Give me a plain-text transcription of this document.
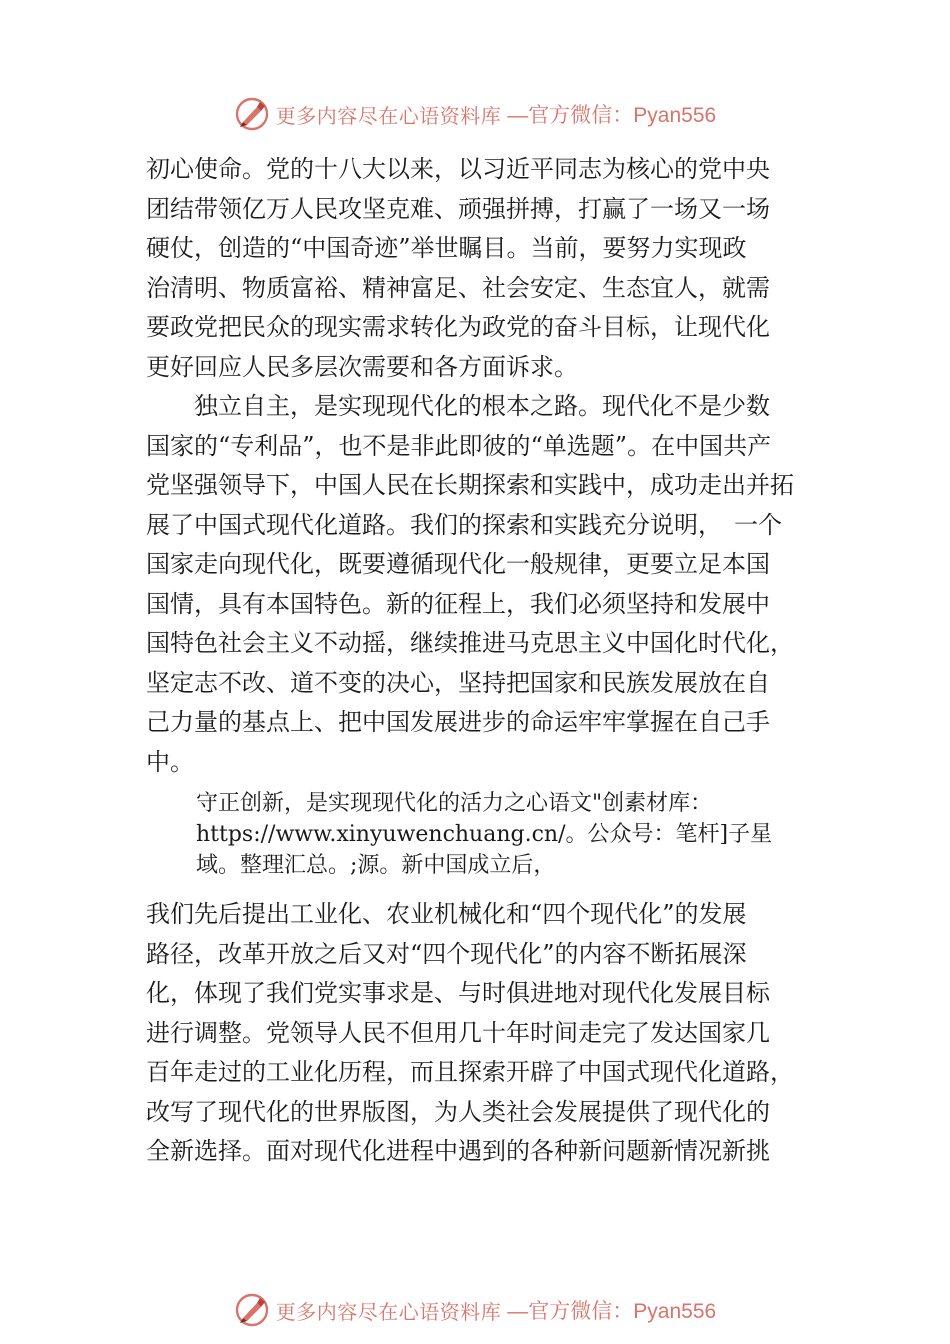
更多内容尽在心语资料库 —官方微信：Pyan556
初心使命。党的十八大以来，以习近平同志为核心的党中央
团结带领亿万人民攻坚克难、顽强拼搏，打赢了一场又一场
硬仗，创造的“中国奇迹”举世瞩目。当前，要努力实现政
治清明、物质富裕、精神富足、社会安定、生态宜人，就需
要政党把民众的现实需求转化为政党的奋斗目标，让现代化
更好回应人民多层次需要和各方面诉求。
　　独立自主，是实现现代化的根本之路。现代化不是少数
国家的“专利品”，也不是非此即彼的“单选题”。在中国共产
党坚强领导下，中国人民在长期探索和实践中，成功走出并拓
展了中国式现代化道路。我们的探索和实践充分说明，　一个
国家走向现代化，既要遵循现代化一般规律，更要立足本国
国情，具有本国特色。新的征程上，我们必须坚持和发展中
国特色社会主义不动摇，继续推进马克思主义中国化时代化，
坚定志不改、道不变的决心，坚持把国家和民族发展放在自
己力量的基点上、把中国发展进步的命运牢牢掌握在自己手
中。
守正创新，是实现现代化的活力之心语文"创素材库：
https://www.xinyuwenchuang.cn/。公众号：笔杆]子星
域。整理汇总。;源。新中国成立后，
我们先后提出工业化、农业机械化和“四个现代化”的发展
路径，改革开放之后又对“四个现代化”的内容不断拓展深
化，体现了我们党实事求是、与时俱进地对现代化发展目标
进行调整。党领导人民不但用几十年时间走完了发达国家几
百年走过的工业化历程，而且探索开辟了中国式现代化道路，
改写了现代化的世界版图，为人类社会发展提供了现代化的
全新选择。面对现代化进程中遇到的各种新问题新情况新挑
更多内容尽在心语资料库 —官方微信：Pyan556
